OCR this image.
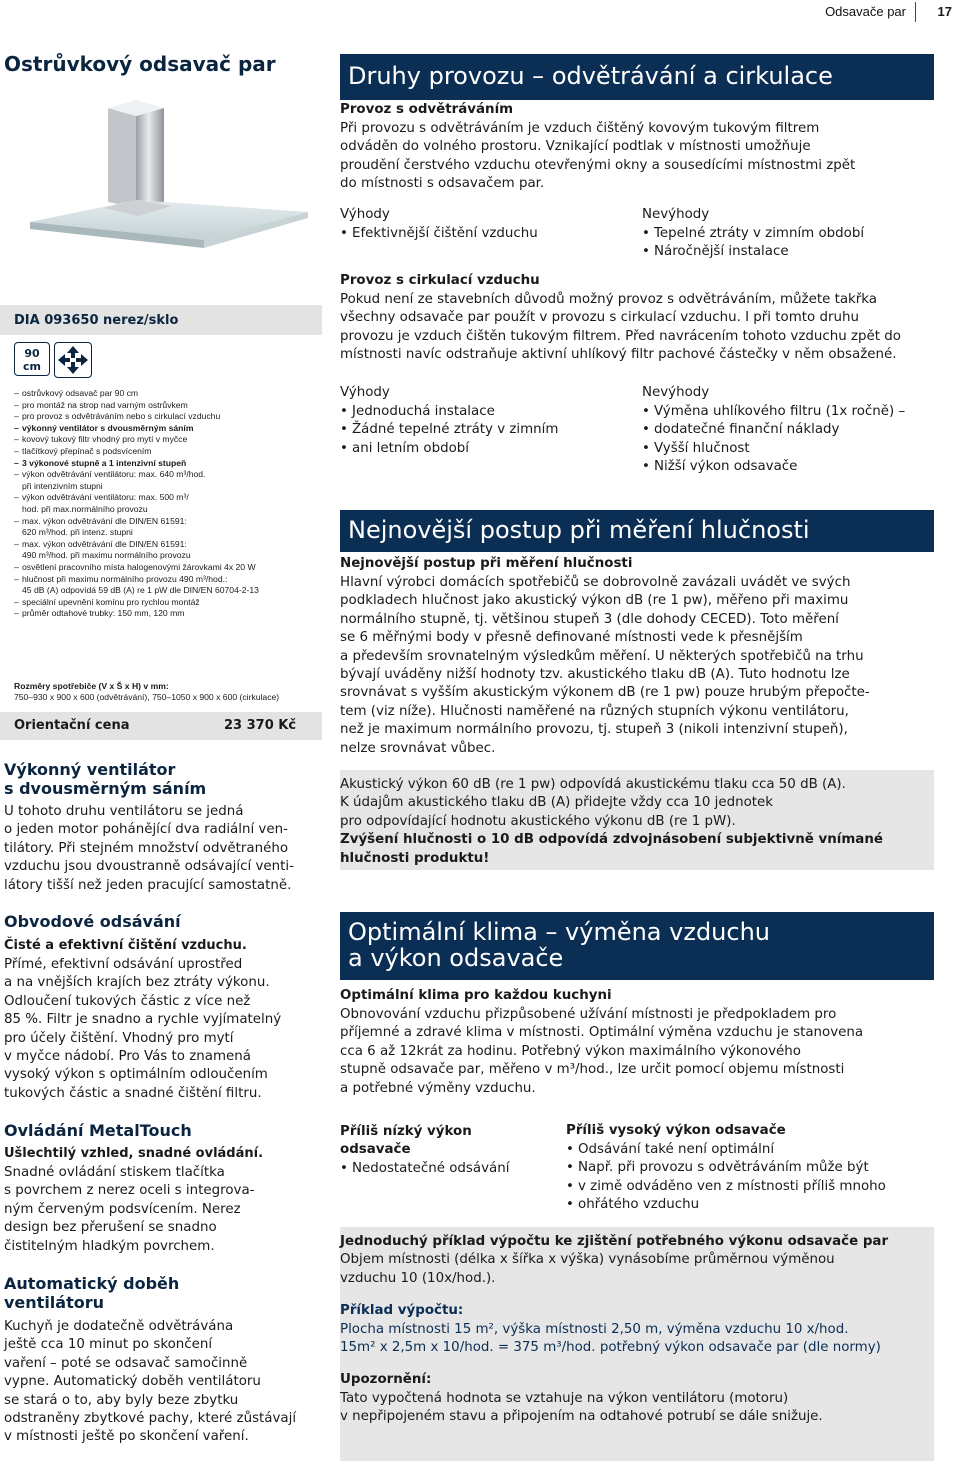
Odsavače par 17
Ostrůvkový odsavač par
DIA 093650 nerez/sklo
90
cm
– ostrůvkový odsavač par 90 cm
– pro montáž na strop nad varným ostrůvkem
– pro provoz s odvětráváním nebo s cirkulací vzduchu
– výkonný ventilátor s dvousměrným sáním
– kovový tukový filtr vhodný pro mytí v myčce
– tlačítkový přepínač s podsvícením
– 3 výkonové stupně a 1 intenzivní stupeň
– výkon odvětrávání ventilátoru: max. 640 m³/hod.
při intenzivním stupni
– výkon odvětrávání ventilátoru: max. 500 m³/
hod. při max.normálního provozu
– max. výkon odvětrávání dle DIN/EN 61591:
620 m³/hod. při intenz. stupni
– max. výkon odvětrávání dle DIN/EN 61591:
490 m³/hod. při maximu normálního provozu
– osvětlení pracovního místa halogenovými žárovkami 4x 20 W
– hlučnost při maximu normálního provozu 490 m³/hod.:
45 dB (A) odpovídá 59 dB (A) re 1 pW dle DIN/EN 60704-2-13
– speciální upevnění komínu pro rychlou montáž
– průměr odtahové trubky: 150 mm, 120 mm
Rozměry spotřebiče (V x Š x H) v mm:
750–930 x 900 x 600 (odvětrávání), 750–1050 x 900 x 600 (cirkulace)
Orientační cena	23 370 Kč
Výkonný ventilátor
s dvousměrným sáním
U tohoto druhu ventilátoru se jedná
o jeden motor pohánějící dva radiální ven-
tilátory. Při stejném množství odvětraného
vzduchu jsou dvoustranně odsávající venti-
látory tišší než jeden pracující samostatně.
Obvodové odsávání
Čisté a efektivní čištění vzduchu.
Přímé, efektivní odsávání uprostřed
a na vnějších krajích bez ztráty výkonu.
Odloučení tukových částic z více než
85 %. Filtr je snadno a rychle vyjímatelný
pro účely čištění. Vhodný pro mytí
v myčce nádobí. Pro Vás to znamená
vysoký výkon s optimálním odloučením
tukových částic a snadné čištění filtru.
Ovládání MetalTouch
Ušlechtilý vzhled, snadné ovládání.
Snadné ovládání stiskem tlačítka
s povrchem z nerez oceli s integrova-
ným červeným podsvícením. Nerez
design bez přerušení se snadno
čistitelným hladkým povrchem.
Automatický doběh
ventilátoru
Kuchyň je dodatečně odvětrávána
ještě cca 10 minut po skončení
vaření – poté se odsavač samočinně
vypne. Automatický doběh ventilátoru
se stará o to, aby byly beze zbytku
odstraněny zbytkové pachy, které zůstávají
v místnosti ještě po skončení vaření.
Druhy provozu – odvětrávání a cirkulace
Provoz s odvětráváním
Při provozu s odvětráváním je vzduch čištěný kovovým tukovým filtrem
odváděn do volného prostoru. Vznikající podtlak v místnosti umožňuje
proudění čerstvého vzduchu otevřenými okny a sousedícími místnostmi zpět
do místnosti s odsavačem par.
Výhody
• Efektivnější čištění vzduchu
Nevýhody
• Tepelné ztráty v zimním období
• Náročnější instalace
Provoz s cirkulací vzduchu
Pokud není ze stavebních důvodů možný provoz s odvětráváním, můžete takřka
všechny odsavače par použít v provozu s cirkulací vzduchu. I při tomto druhu
provozu je vzduch čištěn tukovým filtrem. Před navrácením tohoto vzduchu zpět do
místnosti navíc odstraňuje aktivní uhlíkový filtr pachové částečky v něm obsažené.
Výhody
• Jednoduchá instalace
• Žádné tepelné ztráty v zimním
• ani letním období
Nevýhody
• Výměna uhlíkového filtru (1x ročně) –
• dodatečné finanční náklady
• Vyšší hlučnost
• Nižší výkon odsavače
Nejnovější postup při měření hlučnosti
Nejnovější postup při měření hlučnosti
Hlavní výrobci domácích spotřebičů se dobrovolně zavázali uvádět ve svých
podkladech hlučnost jako akustický výkon dB (re 1 pw), měřeno při maximu
normálního stupně, tj. většinou stupeň 3 (dle dohody CECED). Toto měření
se 6 měřnými body v přesně definované místnosti vede k přesnějším
a především srovnatelným výsledkům měření. U některých spotřebičů na trhu
bývají uváděny nižší hodnoty tzv. akustického tlaku dB (A). Tuto hodnotu lze
srovnávat s vyšším akustickým výkonem dB (re 1 pw) pouze hrubým přepočte-
tem (viz níže). Hlučnosti naměřené na různých stupních výkonu ventilátoru,
než je maximum normálního provozu, tj. stupeň 3 (nikoli intenzivní stupeň),
nelze srovnávat vůbec.
Akustický výkon 60 dB (re 1 pw) odpovídá akustickému tlaku cca 50 dB (A).
K údajům akustického tlaku dB (A) přidejte vždy cca 10 jednotek
pro odpovídající hodnotu akustického výkonu dB (re 1 pW).
Zvýšení hlučnosti o 10 dB odpovídá zdvojnásobení subjektivně vnímané
hlučnosti produktu!
Optimální klima – výměna vzduchu
a výkon odsavače
Optimální klima pro každou kuchyni
Obnovování vzduchu přizpůsobené užívání místnosti je předpokladem pro
příjemné a zdravé klima v místnosti. Optimální výměna vzduchu je stanovena
cca 6 až 12krát za hodinu. Potřebný výkon maximálního výkonového
stupně odsavače par, měřeno v m³/hod., lze určit pomocí objemu místnosti
a potřebné výměny vzduchu.
Příliš nízký výkon
odsavače
• Nedostatečné odsávání
Příliš vysoký výkon odsavače
• Odsávání také není optimální
• Např. při provozu s odvětráváním může být
• v zimě odváděno ven z místnosti příliš mnoho
• ohřátého vzduchu
Jednoduchý příklad výpočtu ke zjištění potřebného výkonu odsavače par
Objem místnosti (délka x šířka x výška) vynásobíme průměrnou výměnou
vzduchu 10 (10x/hod.).
Příklad výpočtu:
Plocha místnosti 15 m², výška místnosti 2,50 m, výměna vzduchu 10 x/hod.
15m² x 2,5m x 10/hod. = 375 m³/hod. potřebný výkon odsavače par (dle normy)
Upozornění:
Tato vypočtená hodnota se vztahuje na výkon ventilátoru (motoru)
v nepřipojeném stavu a připojením na odtahové potrubí se dále snižuje.
